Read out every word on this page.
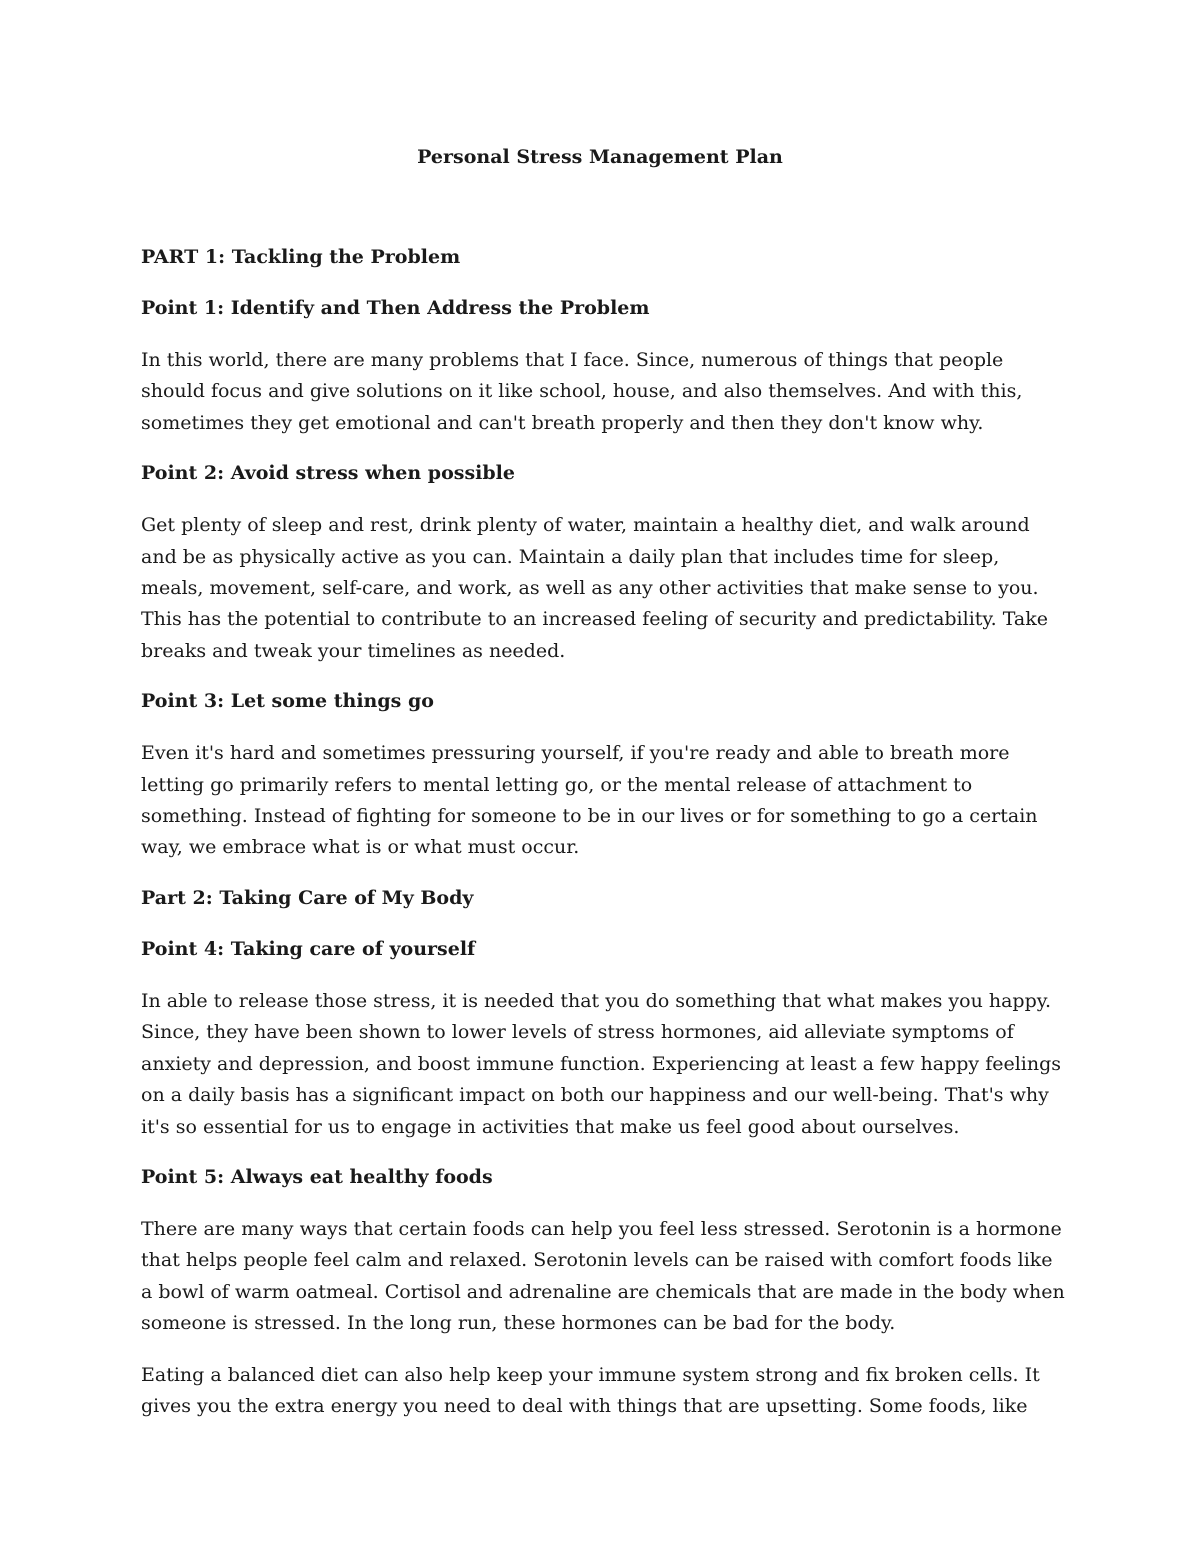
Personal Stress Management Plan

PART 1: Tackling the Problem

Point 1: Identify and Then Address the Problem

In this world, there are many problems that I face. Since, numerous of things that people should focus and give solutions on it like school, house, and also themselves. And with this, sometimes they get emotional and can't breath properly and then they don't know why.

Point 2: Avoid stress when possible

Get plenty of sleep and rest, drink plenty of water, maintain a healthy diet, and walk around and be as physically active as you can. Maintain a daily plan that includes time for sleep, meals, movement, self-care, and work, as well as any other activities that make sense to you. This has the potential to contribute to an increased feeling of security and predictability. Take breaks and tweak your timelines as needed.

Point 3: Let some things go

Even it's hard and sometimes pressuring yourself, if you're ready and able to breath more letting go primarily refers to mental letting go, or the mental release of attachment to something. Instead of fighting for someone to be in our lives or for something to go a certain way, we embrace what is or what must occur.

Part 2: Taking Care of My Body

Point 4: Taking care of yourself

In able to release those stress, it is needed that you do something that what makes you happy. Since, they have been shown to lower levels of stress hormones, aid alleviate symptoms of anxiety and depression, and boost immune function. Experiencing at least a few happy feelings on a daily basis has a significant impact on both our happiness and our well-being. That's why it's so essential for us to engage in activities that make us feel good about ourselves.

Point 5: Always eat healthy foods

There are many ways that certain foods can help you feel less stressed. Serotonin is a hormone that helps people feel calm and relaxed. Serotonin levels can be raised with comfort foods like a bowl of warm oatmeal. Cortisol and adrenaline are chemicals that are made in the body when someone is stressed. In the long run, these hormones can be bad for the body.

Eating a balanced diet can also help keep your immune system strong and fix broken cells. It gives you the extra energy you need to deal with things that are upsetting. Some foods, like
